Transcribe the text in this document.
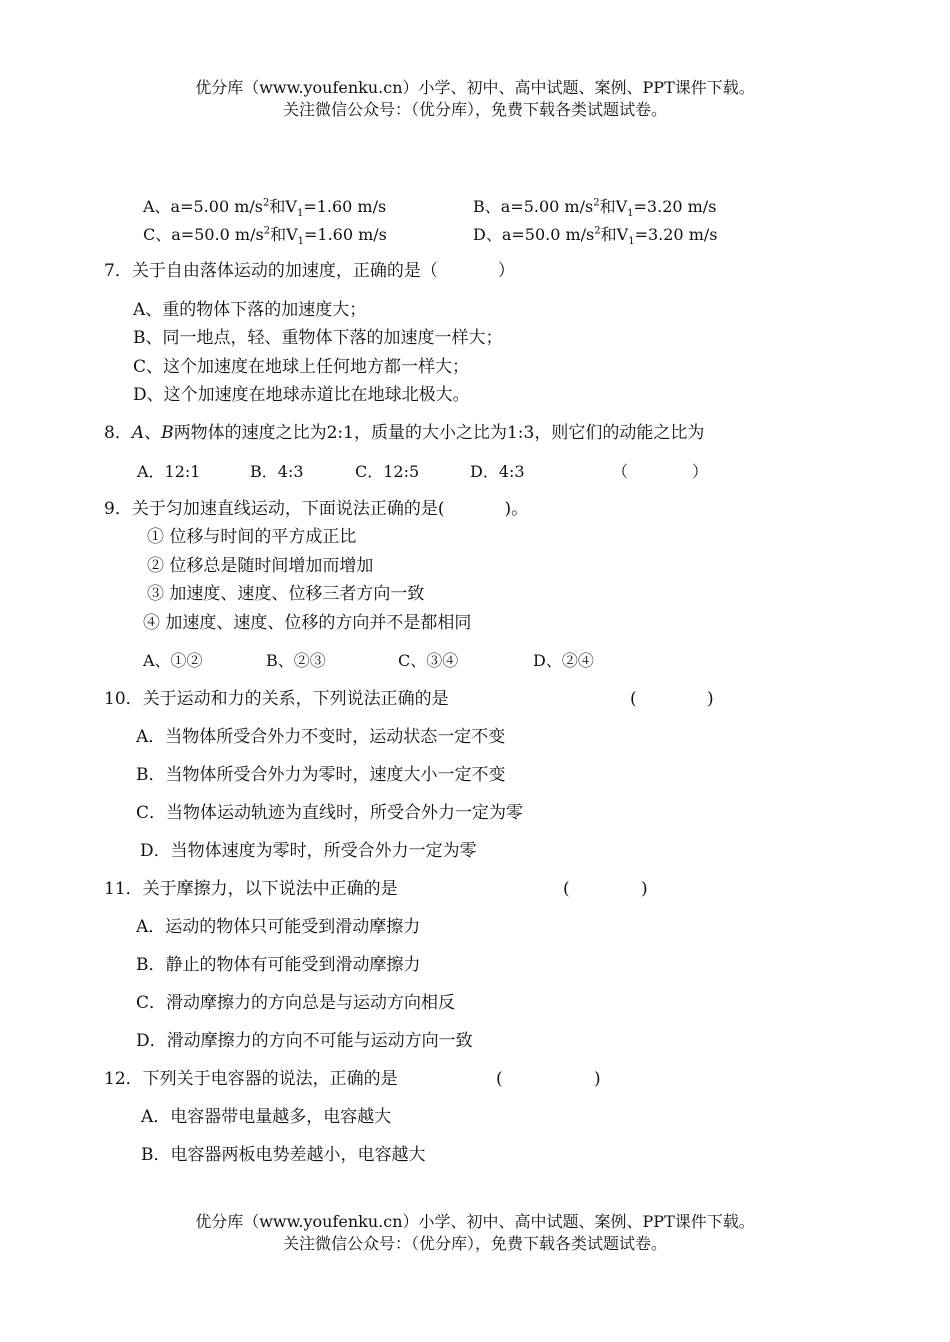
优分库（www.youfenku.cn）小学、初中、高中试题、案例、PPT课件下载。
关注微信公众号：（优分库），免费下载各类试题试卷。
A、a=5.00 $m/s^2$和$V_1=1.60$ m/s	B、a=5.00 $m/s^2$和$V_1=3.20$ m/s
C、a=50.0 $m/s^2$和$V_1=1.60$ m/s	D、a=50.0 $m/s^2$和$V_1=3.20$ m/s
7．关于自由落体运动的加速度，正确的是（	）
A、重的物体下落的加速度大；
B、同一地点，轻、重物体下落的加速度一样大；
C、这个加速度在地球上任何地方都一样大；
D、这个加速度在地球赤道比在地球北极大。
8．A、B两物体的速度之比为2:1，质量的大小之比为1:3，则它们的动能之比为
A．12:1	B．4:3	C．12:5	D．4:3	（	）
9．关于匀加速直线运动，下面说法正确的是(	)。
① 位移与时间的平方成正比
② 位移总是随时间增加而增加
③ 加速度、速度、位移三者方向一致
④ 加速度、速度、位移的方向并不是都相同
A、①②	B、②③	C、③④	D、②④
10．关于运动和力的关系，下列说法正确的是	(	)
A．当物体所受合外力不变时，运动状态一定不变
B．当物体所受合外力为零时，速度大小一定不变
C．当物体运动轨迹为直线时，所受合外力一定为零
D．当物体速度为零时，所受合外力一定为零
11．关于摩擦力，以下说法中正确的是	(	)
A．运动的物体只可能受到滑动摩擦力
B．静止的物体有可能受到滑动摩擦力
C．滑动摩擦力的方向总是与运动方向相反
D．滑动摩擦力的方向不可能与运动方向一致
12．下列关于电容器的说法，正确的是	(	)
A．电容器带电量越多，电容越大
B．电容器两板电势差越小，电容越大
优分库（www.youfenku.cn）小学、初中、高中试题、案例、PPT课件下载。
关注微信公众号：（优分库），免费下载各类试题试卷。
